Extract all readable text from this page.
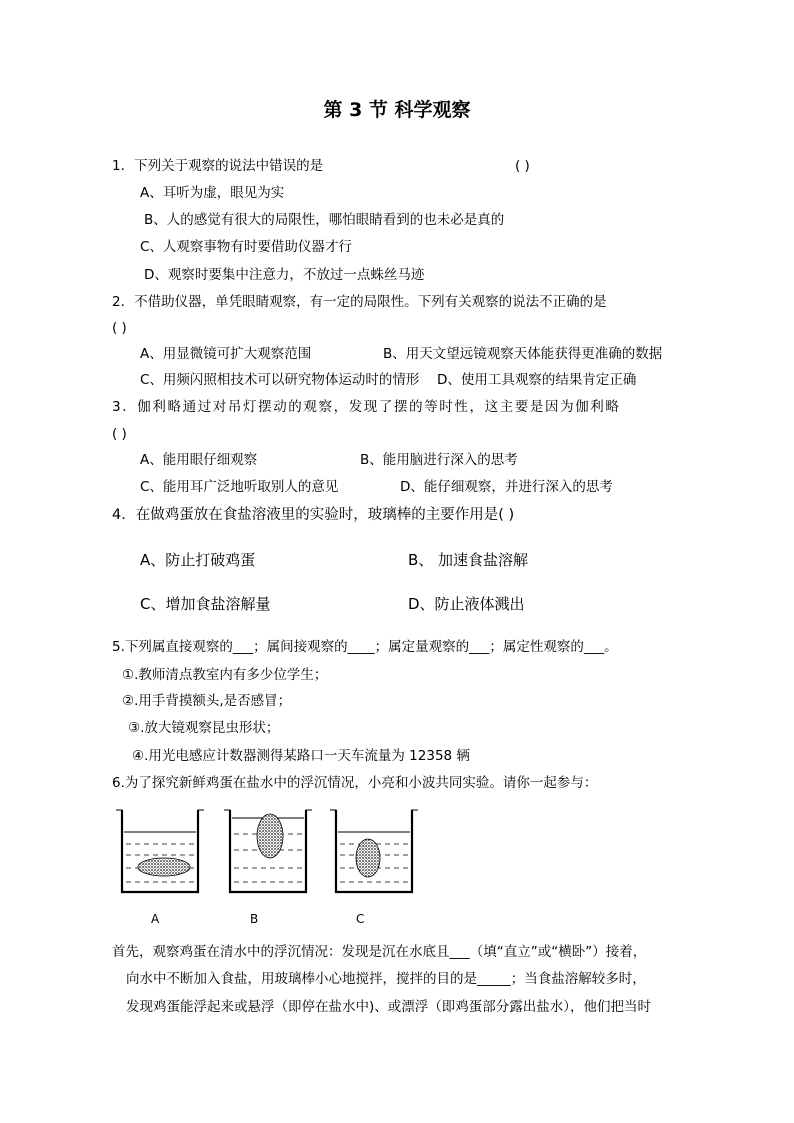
第 3 节 科学观察
1．下列关于观察的说法中错误的是	( )
A、耳听为虚，眼见为实
B、人的感觉有很大的局限性，哪怕眼睛看到的也未必是真的
C、人观察事物有时要借助仪器才行
D、观察时要集中注意力，不放过一点蛛丝马迹
2．不借助仪器，单凭眼睛观察，有一定的局限性。下列有关观察的说法不正确的是
( )
A、用显微镜可扩大观察范围	B、用天文望远镜观察天体能获得更准确的数据
C、用频闪照相技术可以研究物体运动时的情形 D、使用工具观察的结果肯定正确
3．伽利略通过对吊灯摆动的观察，发现了摆的等时性，这主要是因为伽利略
( )
A、能用眼仔细观察	B、能用脑进行深入的思考
C、能用耳广泛地听取别人的意见	D、能仔细观察，并进行深入的思考
4．在做鸡蛋放在食盐溶液里的实验时，玻璃棒的主要作用是( )
A、防止打破鸡蛋	B、 加速食盐溶解
C、增加食盐溶解量	D、防止液体溅出
5.下列属直接观察的___；属间接观察的____；属定量观察的___；属定性观察的___。
①.教师清点教室内有多少位学生；
②.用手背摸额头,是否感冒；
③.放大镜观察昆虫形状；
④.用光电感应计数器测得某路口一天车流量为 12358 辆
6.为了探究新鲜鸡蛋在盐水中的浮沉情况，小亮和小波共同实验。请你一起参与：
A	B	C
首先，观察鸡蛋在清水中的浮沉情况：发现是沉在水底且___（填“直立”或“横卧”）接着，
向水中不断加入食盐，用玻璃棒小心地搅拌，搅拌的目的是_____；当食盐溶解较多时，
发现鸡蛋能浮起来或悬浮（即停在盐水中)、或漂浮（即鸡蛋部分露出盐水），他们把当时
